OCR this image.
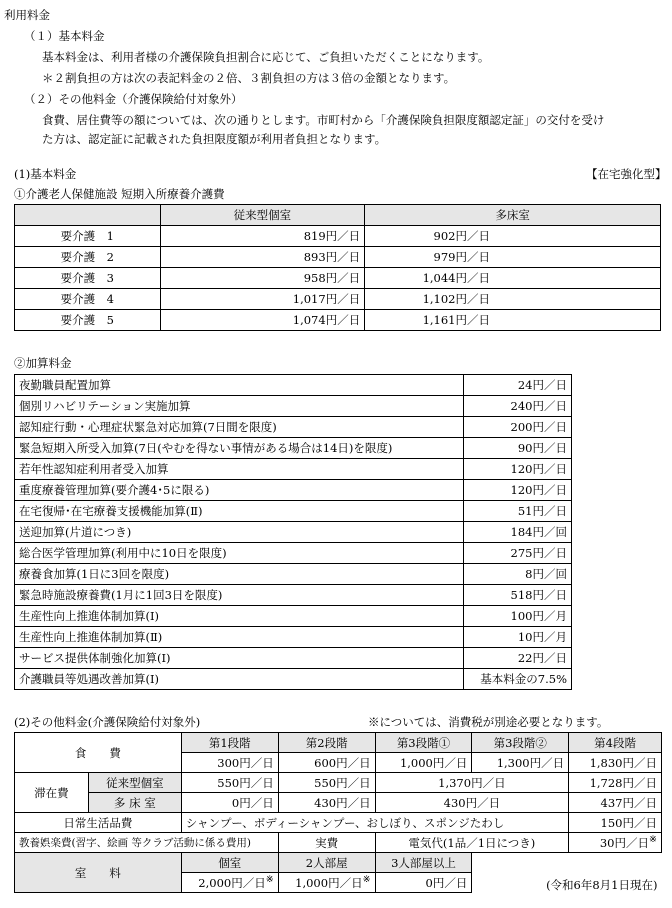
利用料金
（１）基本料金
基本料金は、利用者様の介護保険負担割合に応じて、ご負担いただくことになります。
＊２割負担の方は次の表記料金の２倍、３割負担の方は３倍の金額となります。
（２）その他料金（介護保険給付対象外）
食費、居住費等の額については、次の通りとします。市町村から「介護保険負担限度額認定証」の交付を受け
た方は、認定証に記載された負担限度額が利用者負担となります。
(1)基本料金	【在宅強化型】
①介護老人保健施設 短期入所療養介護費
	従来型個室	多床室
要介護　1	819円／日	902円／日
要介護　2	893円／日	979円／日
要介護　3	958円／日	1,044円／日
要介護　4	1,017円／日	1,102円／日
要介護　5	1,074円／日	1,161円／日
②加算料金
夜勤職員配置加算	24円／日
個別リハビリテーション実施加算	240円／日
認知症行動・心理症状緊急対応加算(7日間を限度)	200円／日
緊急短期入所受入加算(7日(やむを得ない事情がある場合は14日)を限度)	90円／日
若年性認知症利用者受入加算	120円／日
重度療養管理加算(要介護4･5に限る)	120円／日
在宅復帰･在宅療養支援機能加算(Ⅱ)	51円／日
送迎加算(片道につき)	184円／回
総合医学管理加算(利用中に10日を限度)	275円／日
療養食加算(1日に3回を限度)	8円／回
緊急時施設療養費(1月に1回3日を限度)	518円／日
生産性向上推進体制加算(Ⅰ)	100円／月
生産性向上推進体制加算(Ⅱ)	10円／月
サービス提供体制強化加算(Ⅰ)	22円／日
介護職員等処遇改善加算(Ⅰ)	基本料金の7.5%
(2)その他料金(介護保険給付対象外)	※については、消費税が別途必要となります。
食　　費		第1段階	第2段階	第3段階①	第3段階②	第4段階
		300円／日	600円／日	1,000円／日	1,300円／日	1,830円／日
滞在費	従来型個室	550円／日	550円／日	1,370円／日		1,728円／日
	多 床 室	0円／日	430円／日	430円／日		437円／日
日常生活品費		シャンプー、ボディーシャンプー、おしぼり、スポンジたわし				150円／日
教養娯楽費(習字、絵画 等クラブ活動に係る費用)			実費	電気代(1品／1日につき)		30円／日※
室　　料		個室	2人部屋	3人部屋以上	(令和6年8月1日現在)	
		2,000円／日※	1,000円／日※	0円／日		
